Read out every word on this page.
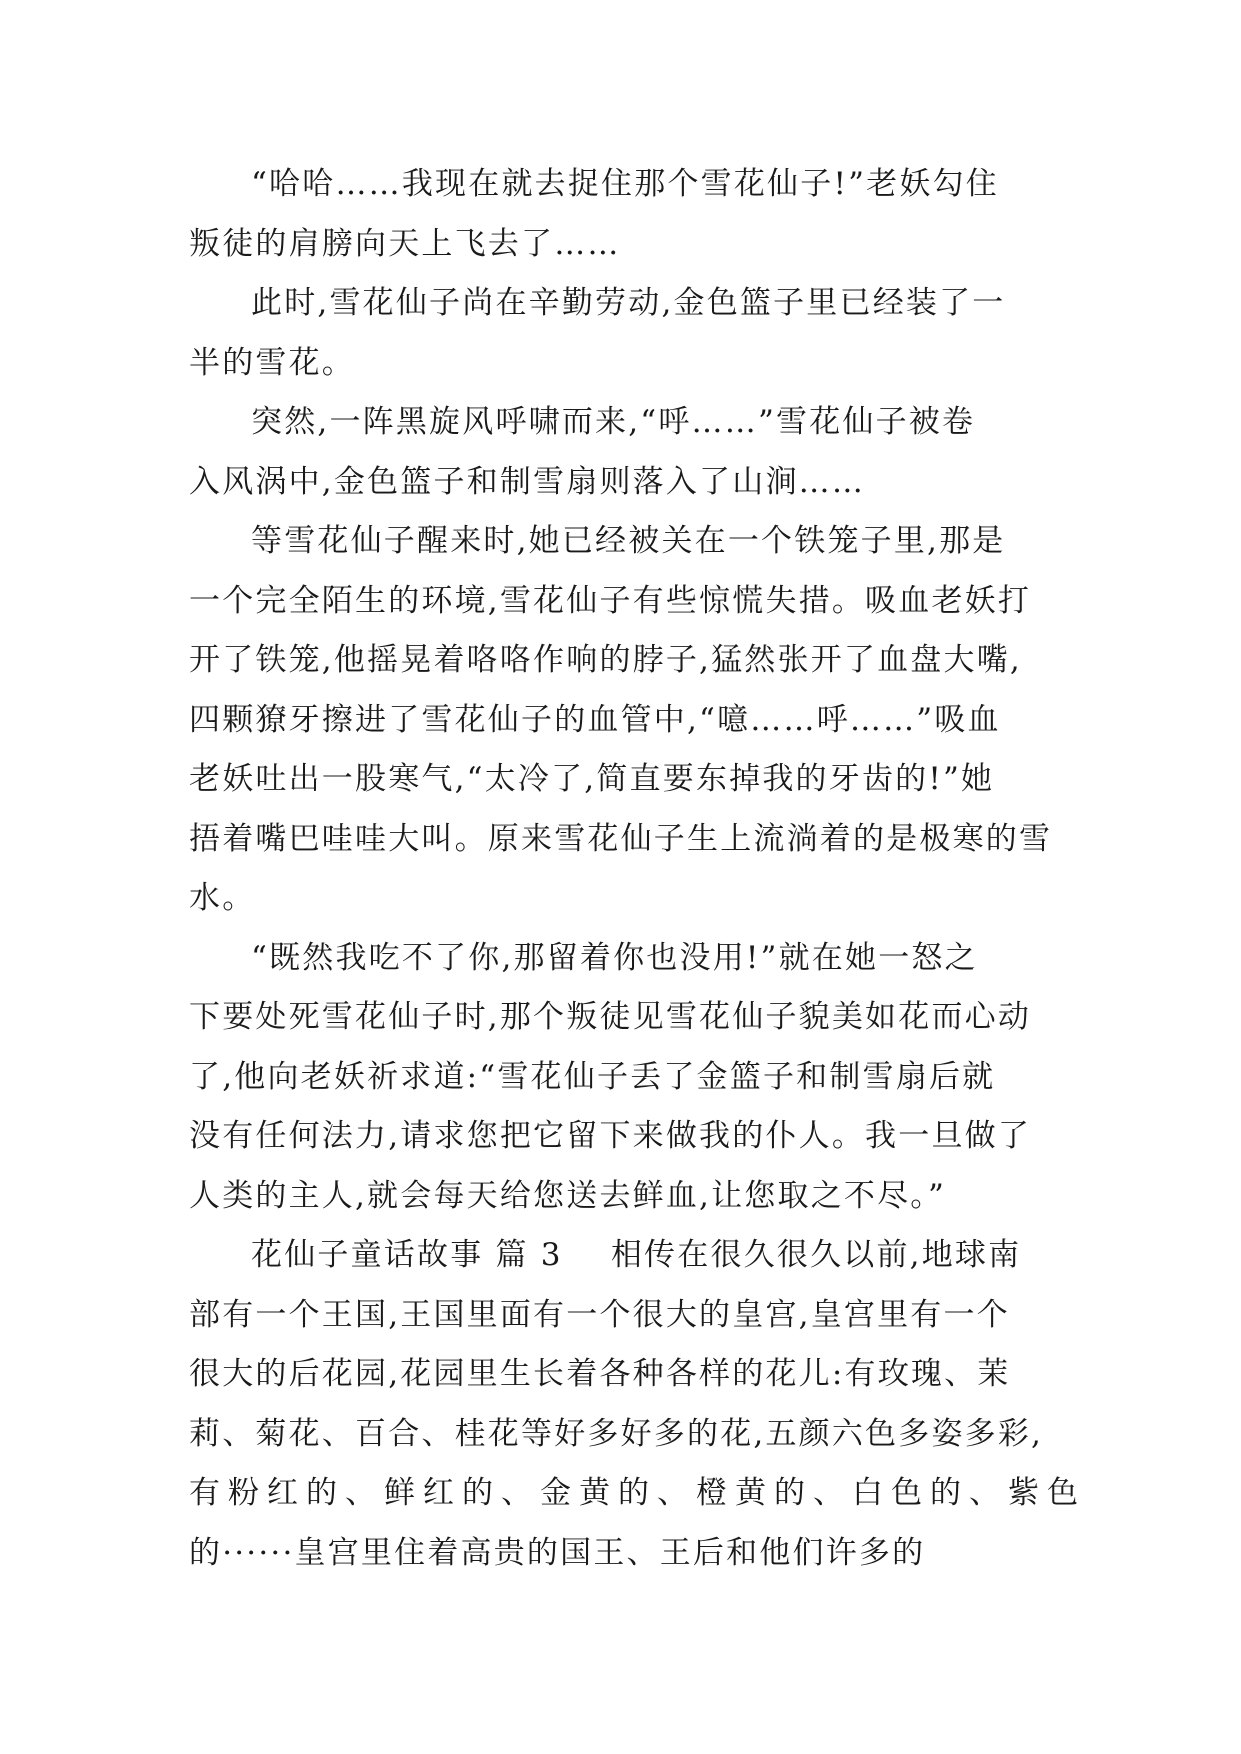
“哈哈……我现在就去捉住那个雪花仙子!”老妖勾住
叛徒的肩膀向天上飞去了……

此时,雪花仙子尚在辛勤劳动,金色篮子里已经装了一
半的雪花。

突然,一阵黑旋风呼啸而来,“呼……”雪花仙子被卷
入风涡中,金色篮子和制雪扇则落入了山涧……

等雪花仙子醒来时,她已经被关在一个铁笼子里,那是
一个完全陌生的环境,雪花仙子有些惊慌失措。吸血老妖打
开了铁笼,他摇晃着咯咯作响的脖子,猛然张开了血盘大嘴,
四颗獠牙擦进了雪花仙子的血管中,“噫……呼……”吸血
老妖吐出一股寒气,“太冷了,简直要东掉我的牙齿的!”她
捂着嘴巴哇哇大叫。原来雪花仙子生上流淌着的是极寒的雪
水。

“既然我吃不了你,那留着你也没用!”就在她一怒之
下要处死雪花仙子时,那个叛徒见雪花仙子貌美如花而心动
了,他向老妖祈求道:“雪花仙子丢了金篮子和制雪扇后就
没有任何法力,请求您把它留下来做我的仆人。我一旦做了
人类的主人,就会每天给您送去鲜血,让您取之不尽。”

花仙子童话故事 篇 3    相传在很久很久以前,地球南
部有一个王国,王国里面有一个很大的皇宫,皇宫里有一个
很大的后花园,花园里生长着各种各样的花儿:有玫瑰、茉
莉、菊花、百合、桂花等好多好多的花,五颜六色多姿多彩,
有粉红的、鲜红的、金黄的、橙黄的、白色的、紫色
的······皇宫里住着高贵的国王、王后和他们许多的
